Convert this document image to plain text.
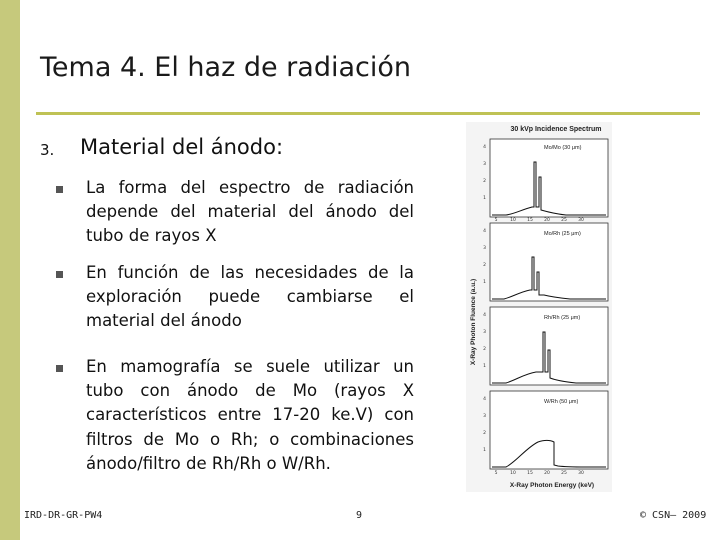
Tema 4. El haz de radiación
3. Material del ánodo:
La forma del espectro de radiación depende del material del ánodo del tubo de rayos X
En función de las necesidades de la exploración puede cambiarse el material del ánodo
En mamografía se suele utilizar un tubo con ánodo de Mo (rayos X característicos entre 17-20 ke.V) con filtros de Mo o Rh; o combinaciones ánodo/filtro de Rh/Rh o W/Rh.
30 kVp Incidence Spectrum
X-Ray Photon Fluence (a.u.)
X-Ray Photon Energy (keV)
Mo/Mo (30 μm)
4
3
2
1
5	10	15	20	25	30
Mo/Rh (25 μm)
4
3
2
1
Rh/Rh (25 μm)
4
3
2
1
W/Rh (50 μm)
4
3
2
1
5	10	15	20	25	30
IRD-DR-GR-PW4	9	© CSN– 2009
